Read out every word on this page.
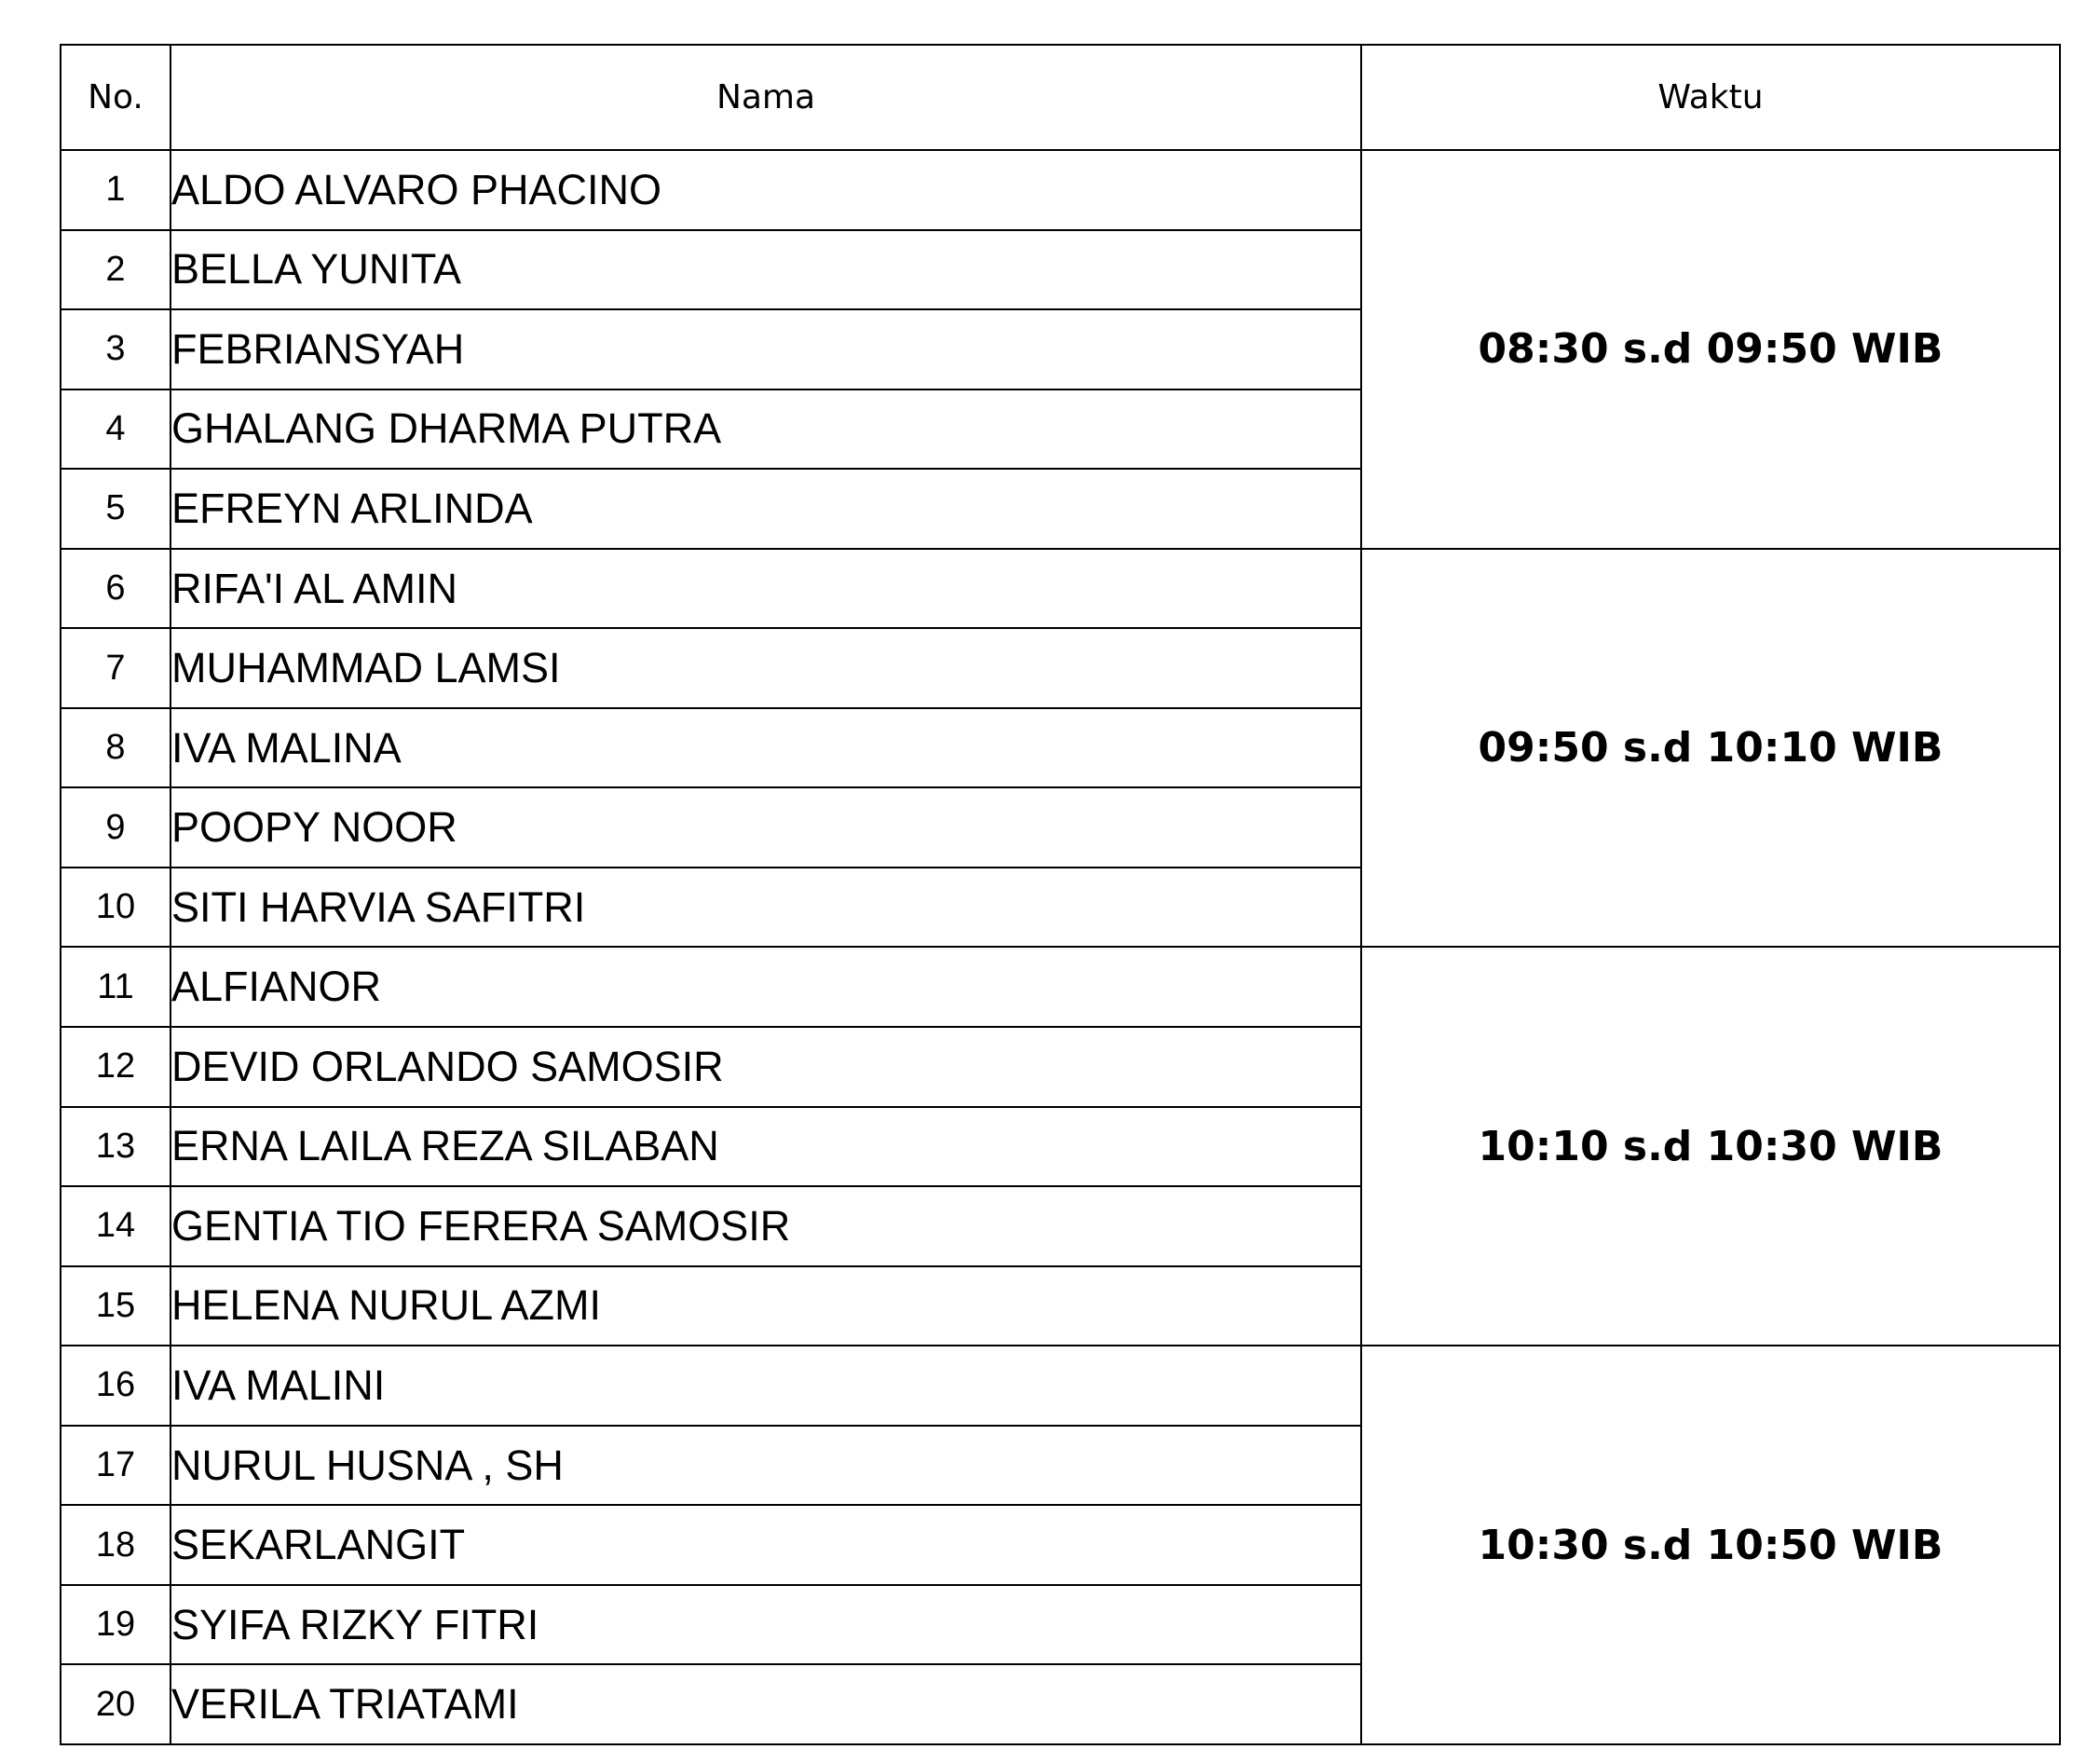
No.	Nama	Waktu
1	ALDO ALVARO PHACINO	08:30 s.d 09:50 WIB
2	BELLA YUNITA	
3	FEBRIANSYAH	
4	GHALANG DHARMA PUTRA	
5	EFREYN ARLINDA	
6	RIFA'I AL AMIN	09:50 s.d 10:10 WIB
7	MUHAMMAD LAMSI	
8	IVA MALINA	
9	POOPY NOOR	
10	SITI HARVIA SAFITRI	
11	ALFIANOR	10:10 s.d 10:30 WIB
12	DEVID ORLANDO SAMOSIR	
13	ERNA LAILA REZA SILABAN	
14	GENTIA TIO FERERA SAMOSIR	
15	HELENA NURUL AZMI	
16	IVA MALINI	10:30 s.d 10:50 WIB
17	NURUL HUSNA , SH	
18	SEKARLANGIT	
19	SYIFA RIZKY FITRI	
20	VERILA TRIATAMI	
